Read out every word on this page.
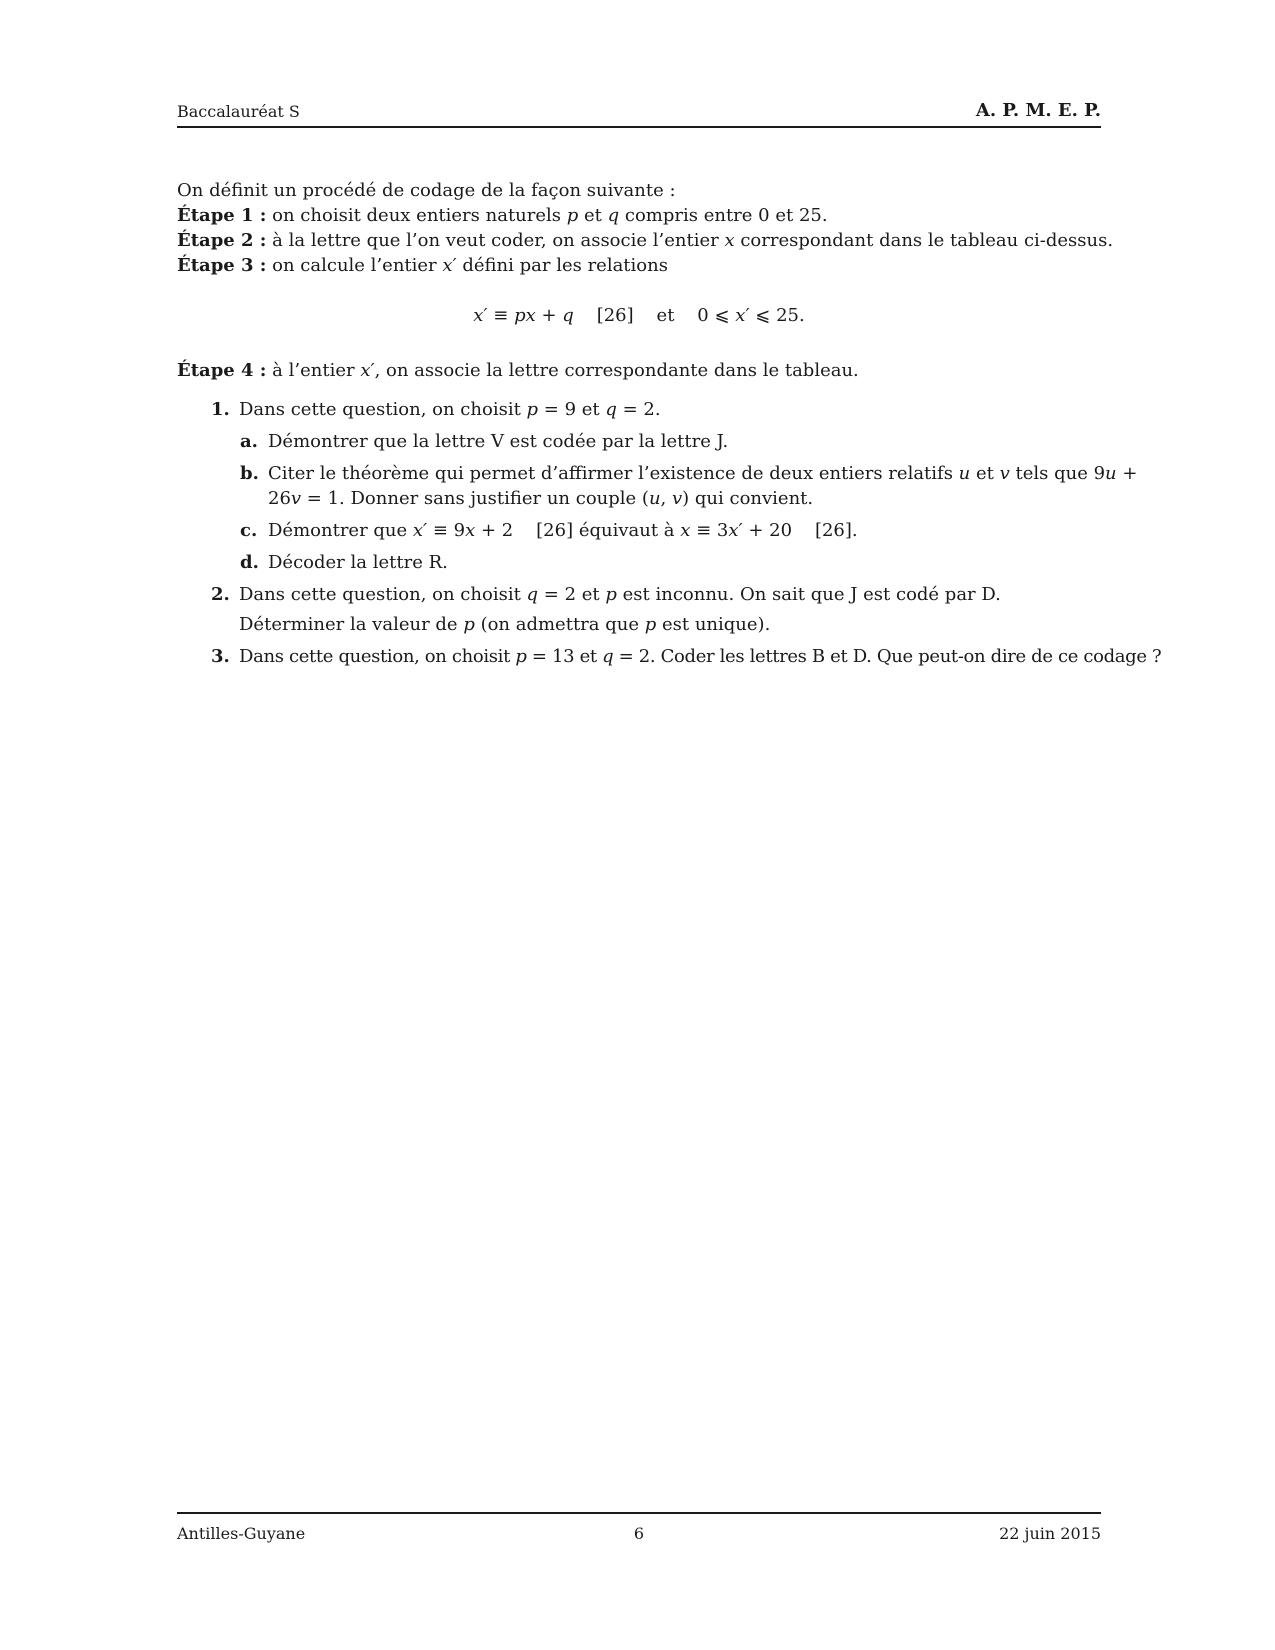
Baccalauréat S	A. P. M. E. P.

On définit un procédé de codage de la façon suivante :

Étape 1 : on choisit deux entiers naturels p et q compris entre 0 et 25.

Étape 2 : à la lettre que l’on veut coder, on associe l’entier x correspondant dans le tableau ci-dessus.

Étape 3 : on calcule l’entier x′ défini par les relations

x′ ≡ px + q    [26]    et    0 ⩽ x′ ⩽ 25.

Étape 4 : à l’entier x′, on associe la lettre correspondante dans le tableau.

1. Dans cette question, on choisit p = 9 et q = 2.
a. Démontrer que la lettre V est codée par la lettre J.
b. Citer le théorème qui permet d’affirmer l’existence de deux entiers relatifs u et v tels que 9u +
26v = 1. Donner sans justifier un couple (u, v) qui convient.
c. Démontrer que x′ ≡ 9x + 2    [26] équivaut à x ≡ 3x′ + 20    [26].
d. Décoder la lettre R.
2. Dans cette question, on choisit q = 2 et p est inconnu. On sait que J est codé par D.
Déterminer la valeur de p (on admettra que p est unique).
3. Dans cette question, on choisit p = 13 et q = 2. Coder les lettres B et D. Que peut-on dire de ce codage ?
Antilles-Guyane	6	22 juin 2015
